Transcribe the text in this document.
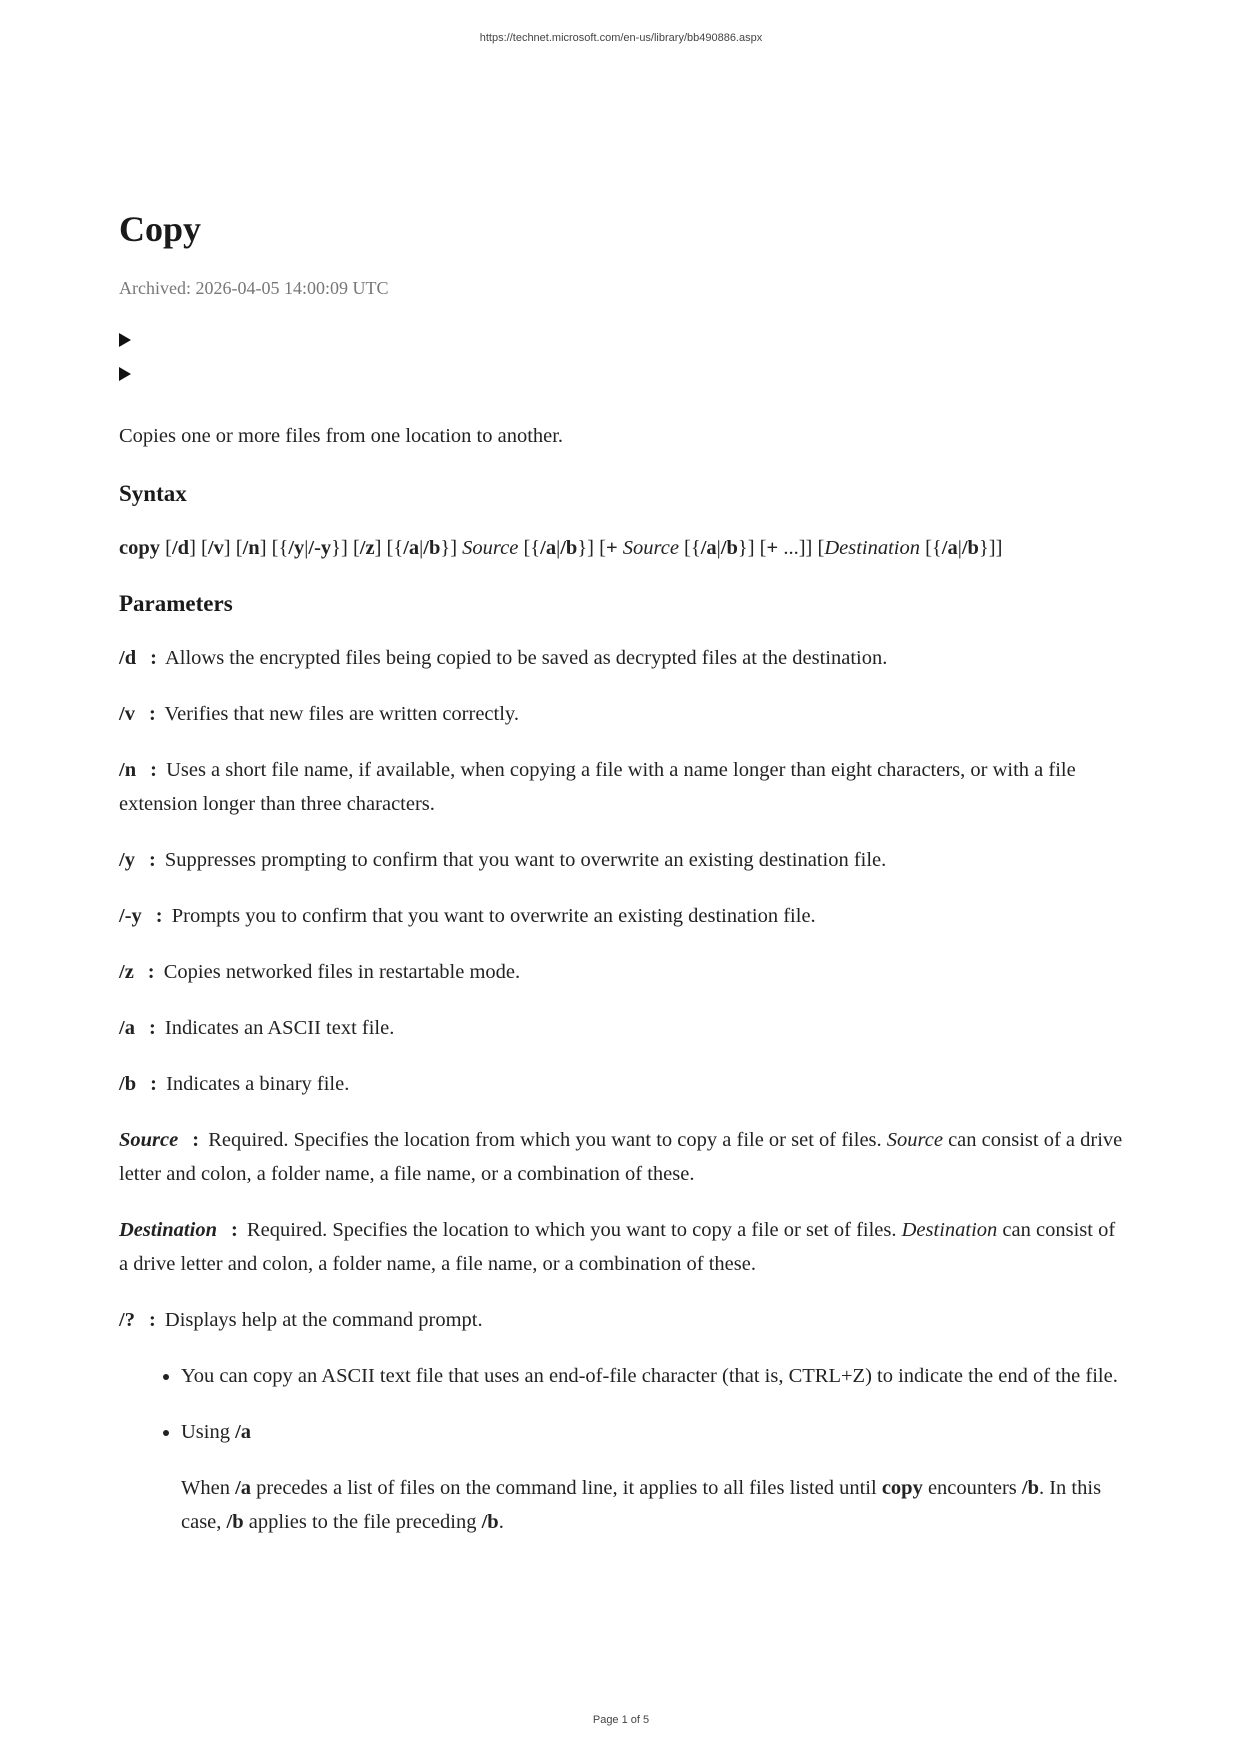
https://technet.microsoft.com/en-us/library/bb490886.aspx
Copy
Archived: 2026-04-05 14:00:09 UTC

Copies one or more files from one location to another.

Syntax

copy [/d] [/v] [/n] [{/y|/-y}] [/z] [{/a|/b}] Source [{/a|/b}] [+ Source [{/a|/b}] [+ ...]] [Destination [{/a|/b}]]

Parameters

/d : Allows the encrypted files being copied to be saved as decrypted files at the destination.

/v : Verifies that new files are written correctly.

/n : Uses a short file name, if available, when copying a file with a name longer than eight characters, or with a file extension longer than three characters.

/y : Suppresses prompting to confirm that you want to overwrite an existing destination file.

/-y : Prompts you to confirm that you want to overwrite an existing destination file.

/z : Copies networked files in restartable mode.

/a : Indicates an ASCII text file.

/b : Indicates a binary file.

Source : Required. Specifies the location from which you want to copy a file or set of files. Source can consist of a drive letter and colon, a folder name, a file name, or a combination of these.

Destination : Required. Specifies the location to which you want to copy a file or set of files. Destination can consist of a drive letter and colon, a folder name, a file name, or a combination of these.

/? : Displays help at the command prompt.

• You can copy an ASCII text file that uses an end-of-file character (that is, CTRL+Z) to indicate the end of the file.
• Using /a

When /a precedes a list of files on the command line, it applies to all files listed until copy encounters /b. In this case, /b applies to the file preceding /b.

Page 1 of 5
